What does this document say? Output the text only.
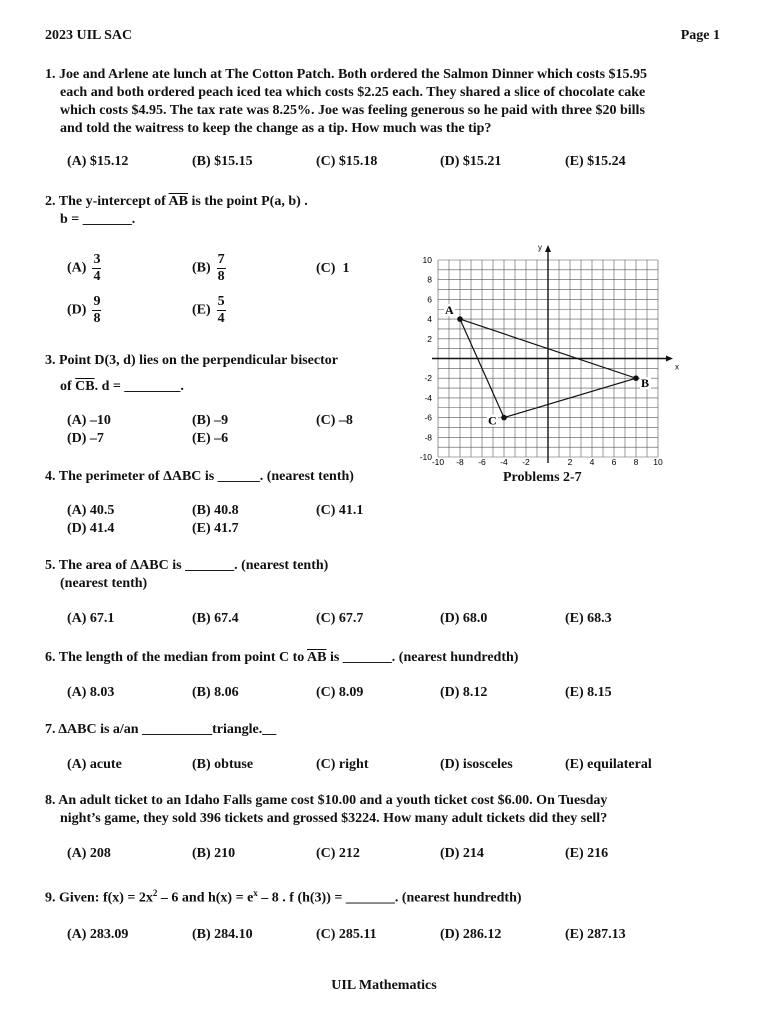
2023 UIL SAC	Page 1
1. Joe and Arlene ate lunch at The Cotton Patch. Both ordered the Salmon Dinner which costs $15.95
each and both ordered peach iced tea which costs $2.25 each. They shared a slice of chocolate cake
which costs $4.95. The tax rate was 8.25%. Joe was feeling generous so he paid with three $20 bills
and told the waitress to keep the change as a tip. How much was the tip?
(A) $15.12	(B) $15.15	(C) $15.18	(D) $15.21	(E) $15.24
2. The y-intercept of $\overline{AB}$ is the point P(a, b) .
b = _______.
$(A) \frac{3}{4}$	$(B) \frac{7}{8}$	(C) 1
$(D) \frac{9}{8}$	$(E) \frac{5}{4}$
3. Point D(3, d) lies on the perpendicular bisector
of $\overline{CB}$. d = ________.
(A) –10	(B) –9	(C) –8
(D) –7	(E) –6
4. The perimeter of ΔABC is ______. (nearest tenth)
(A) 40.5	(B) 40.8	(C) 41.1
(D) 41.4	(E) 41.7
5. The area of ΔABC is _______. (nearest tenth)
(nearest tenth)
(A) 67.1	(B) 67.4	(C) 67.7	(D) 68.0	(E) 68.3
6. The length of the median from point C to $\overline{AB}$ is _______. (nearest hundredth)
(A) 8.03	(B) 8.06	(C) 8.09	(D) 8.12	(E) 8.15
7. ΔABC is a/an __________triangle.__
(A) acute	(B) obtuse	(C) right	(D) isosceles	(E) equilateral
8. An adult ticket to an Idaho Falls game cost $10.00 and a youth ticket cost $6.00. On Tuesday
night’s game, they sold 396 tickets and grossed $3224. How many adult tickets did they sell?
(A) 208	(B) 210	(C) 212	(D) 214	(E) 216
9. Given: $f(x) = 2x^2 - 6$ and $h(x) = e^x - 8$ . f (h(3)) = _______. (nearest hundredth)
(A) 283.09	(B) 284.10	(C) 285.11	(D) 286.12	(E) 287.13
x
y
-10 -8 -6 -4 -2	2 4 6 8 10
10
8
6
4
2
-2
-4
-6
-8
-10
A
B
C
Problems 2-7
UIL Mathematics
